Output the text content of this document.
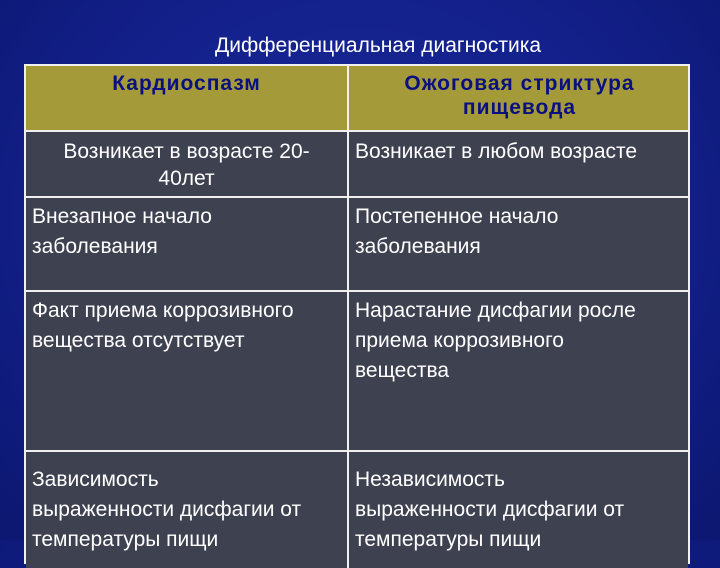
Дифференциальная диагностика
Кардиоспазм	Ожоговая стриктура
пищевода
Возникает в возрасте 20-
40лет
Возникает в любом возрасте
Внезапное начало
заболевания
Постепенное начало
заболевания
Факт приема коррозивного
вещества отсутствует
Нарастание дисфагии росле
приема коррозивного
вещества
Зависимость
выраженности дисфагии от
температуры пищи
Независимость
выраженности дисфагии от
температуры пищи
